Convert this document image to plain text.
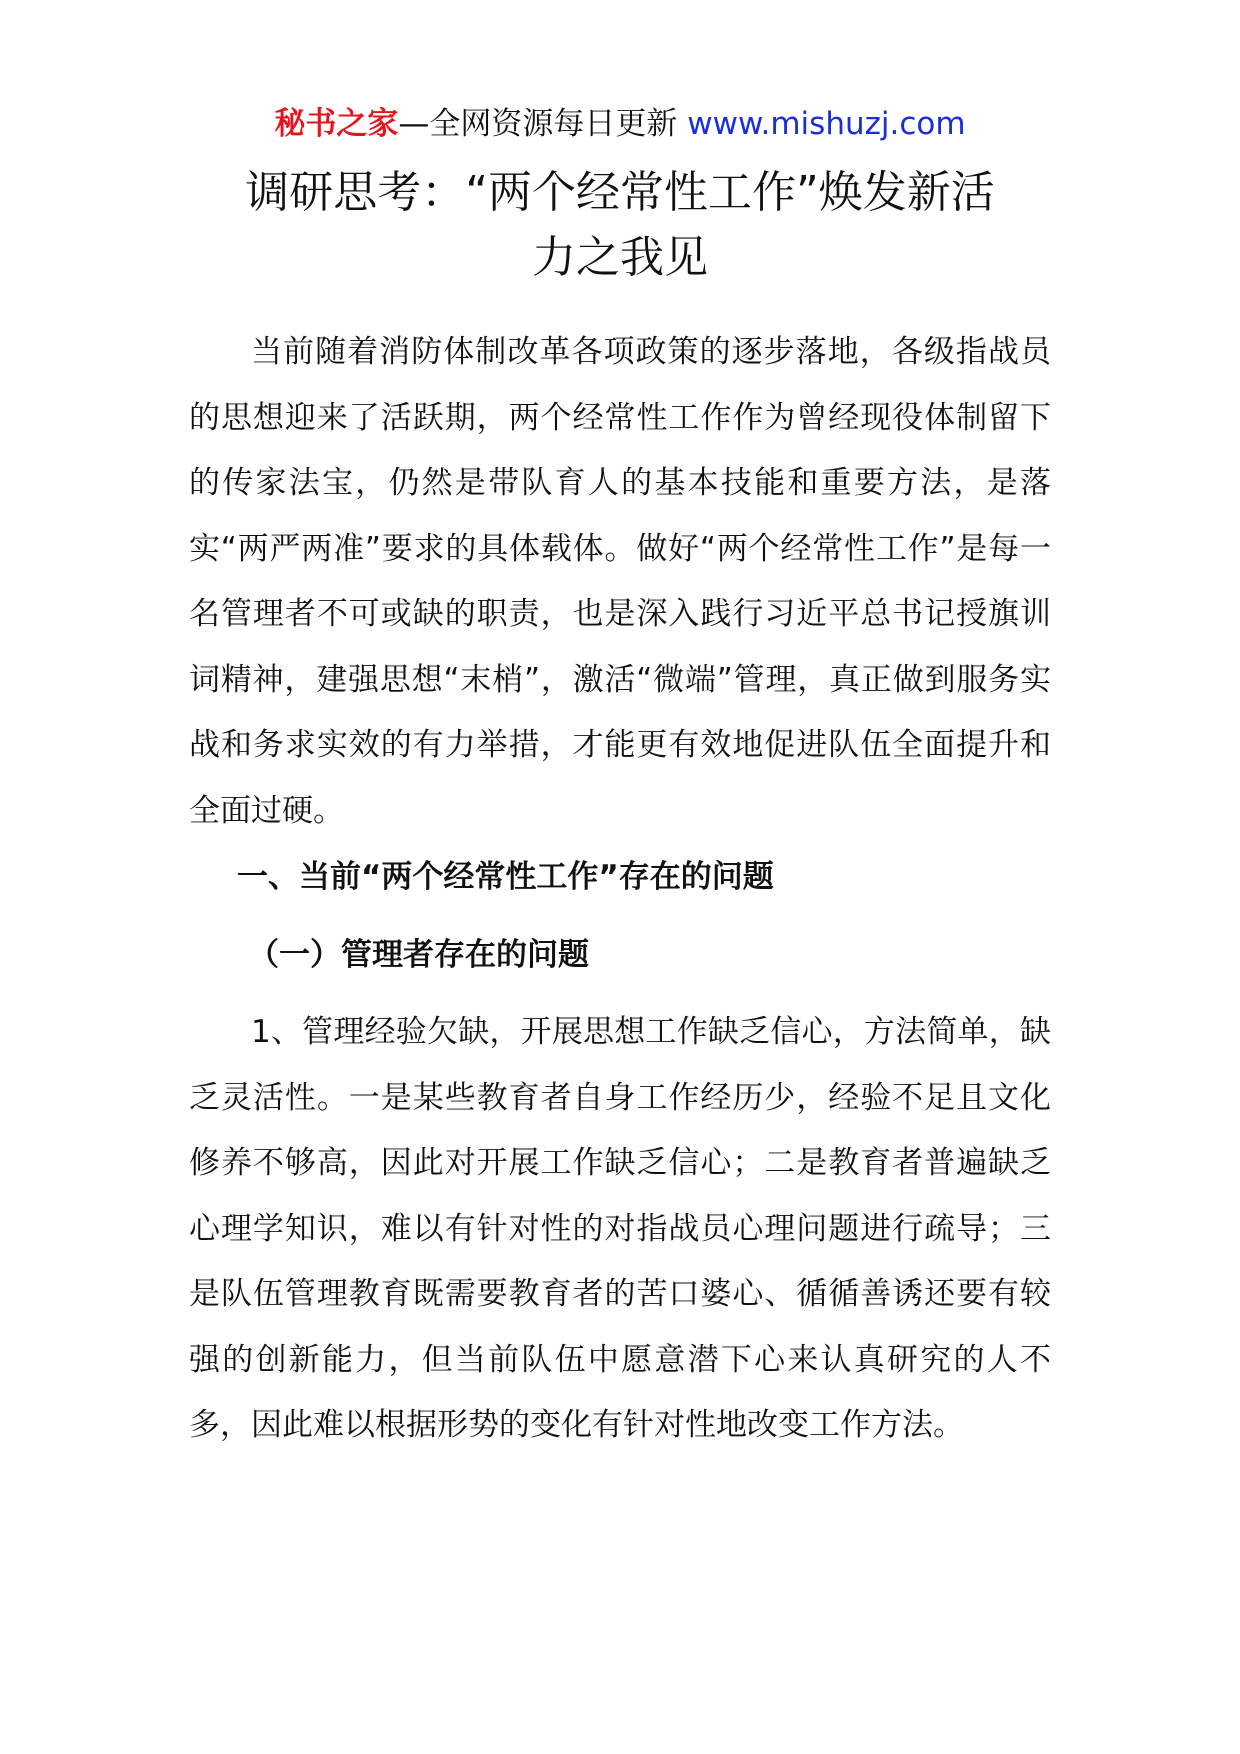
秘书之家—全网资源每日更新 www.mishuzj.com
调研思考：“两个经常性工作”焕发新活
力之我见

当前随着消防体制改革各项政策的逐步落地，各级指战员的思想迎来了活跃期，两个经常性工作作为曾经现役体制留下的传家法宝，仍然是带队育人的基本技能和重要方法，是落实“两严两准”要求的具体载体。做好“两个经常性工作”是每一名管理者不可或缺的职责，也是深入践行习近平总书记授旗训词精神，建强思想“末梢”，激活“微端”管理，真正做到服务实战和务求实效的有力举措，才能更有效地促进队伍全面提升和全面过硬。

一、当前“两个经常性工作”存在的问题
（一）管理者存在的问题

1、管理经验欠缺，开展思想工作缺乏信心，方法简单，缺乏灵活性。一是某些教育者自身工作经历少，经验不足且文化修养不够高，因此对开展工作缺乏信心；二是教育者普遍缺乏心理学知识，难以有针对性的对指战员心理问题进行疏导；三是队伍管理教育既需要教育者的苦口婆心、循循善诱还要有较强的创新能力，但当前队伍中愿意潜下心来认真研究的人不多，因此难以根据形势的变化有针对性地改变工作方法。
